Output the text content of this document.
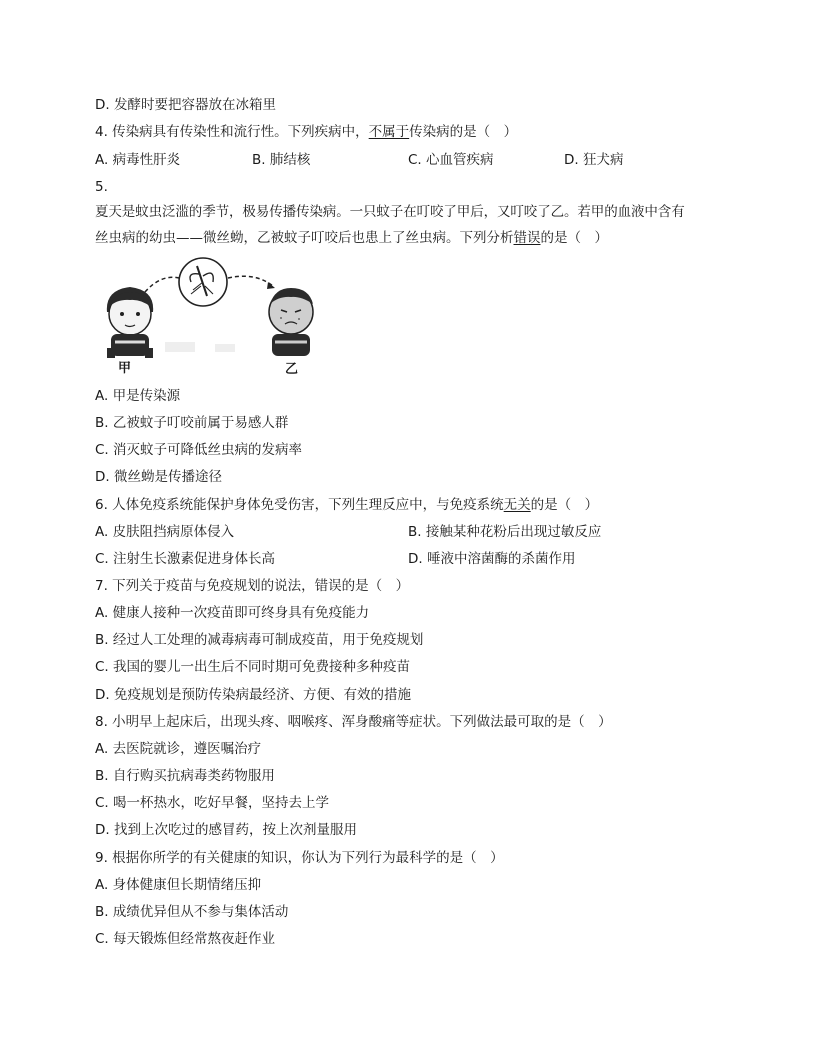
D. 发酵时要把容器放在冰箱里
4. 传染病具有传染性和流行性。下列疾病中，不属于传染病的是（　）
A. 病毒性肝炎	B. 肺结核	C. 心血管疾病	D. 狂犬病
5.
夏天是蚊虫泛滥的季节，极易传播传染病。一只蚊子在叮咬了甲后，又叮咬了乙。若甲的血液中含有
丝虫病的幼虫——微丝蚴，乙被蚊子叮咬后也患上了丝虫病。下列分析错误的是（　）
甲	乙
A. 甲是传染源
B. 乙被蚊子叮咬前属于易感人群
C. 消灭蚊子可降低丝虫病的发病率
D. 微丝蚴是传播途径
6. 人体免疫系统能保护身体免受伤害，下列生理反应中，与免疫系统无关的是（　）
A. 皮肤阻挡病原体侵入	B. 接触某种花粉后出现过敏反应
C. 注射生长激素促进身体长高	D. 唾液中溶菌酶的杀菌作用
7. 下列关于疫苗与免疫规划的说法，错误的是（　）
A. 健康人接种一次疫苗即可终身具有免疫能力
B. 经过人工处理的减毒病毒可制成疫苗，用于免疫规划
C. 我国的婴儿一出生后不同时期可免费接种多种疫苗
D. 免疫规划是预防传染病最经济、方便、有效的措施
8. 小明早上起床后，出现头疼、咽喉疼、浑身酸痛等症状。下列做法最可取的是（　）
A. 去医院就诊，遵医嘱治疗
B. 自行购买抗病毒类药物服用
C. 喝一杯热水，吃好早餐，坚持去上学
D. 找到上次吃过的感冒药，按上次剂量服用
9. 根据你所学的有关健康的知识，你认为下列行为最科学的是（　）
A. 身体健康但长期情绪压抑
B. 成绩优异但从不参与集体活动
C. 每天锻炼但经常熬夜赶作业
